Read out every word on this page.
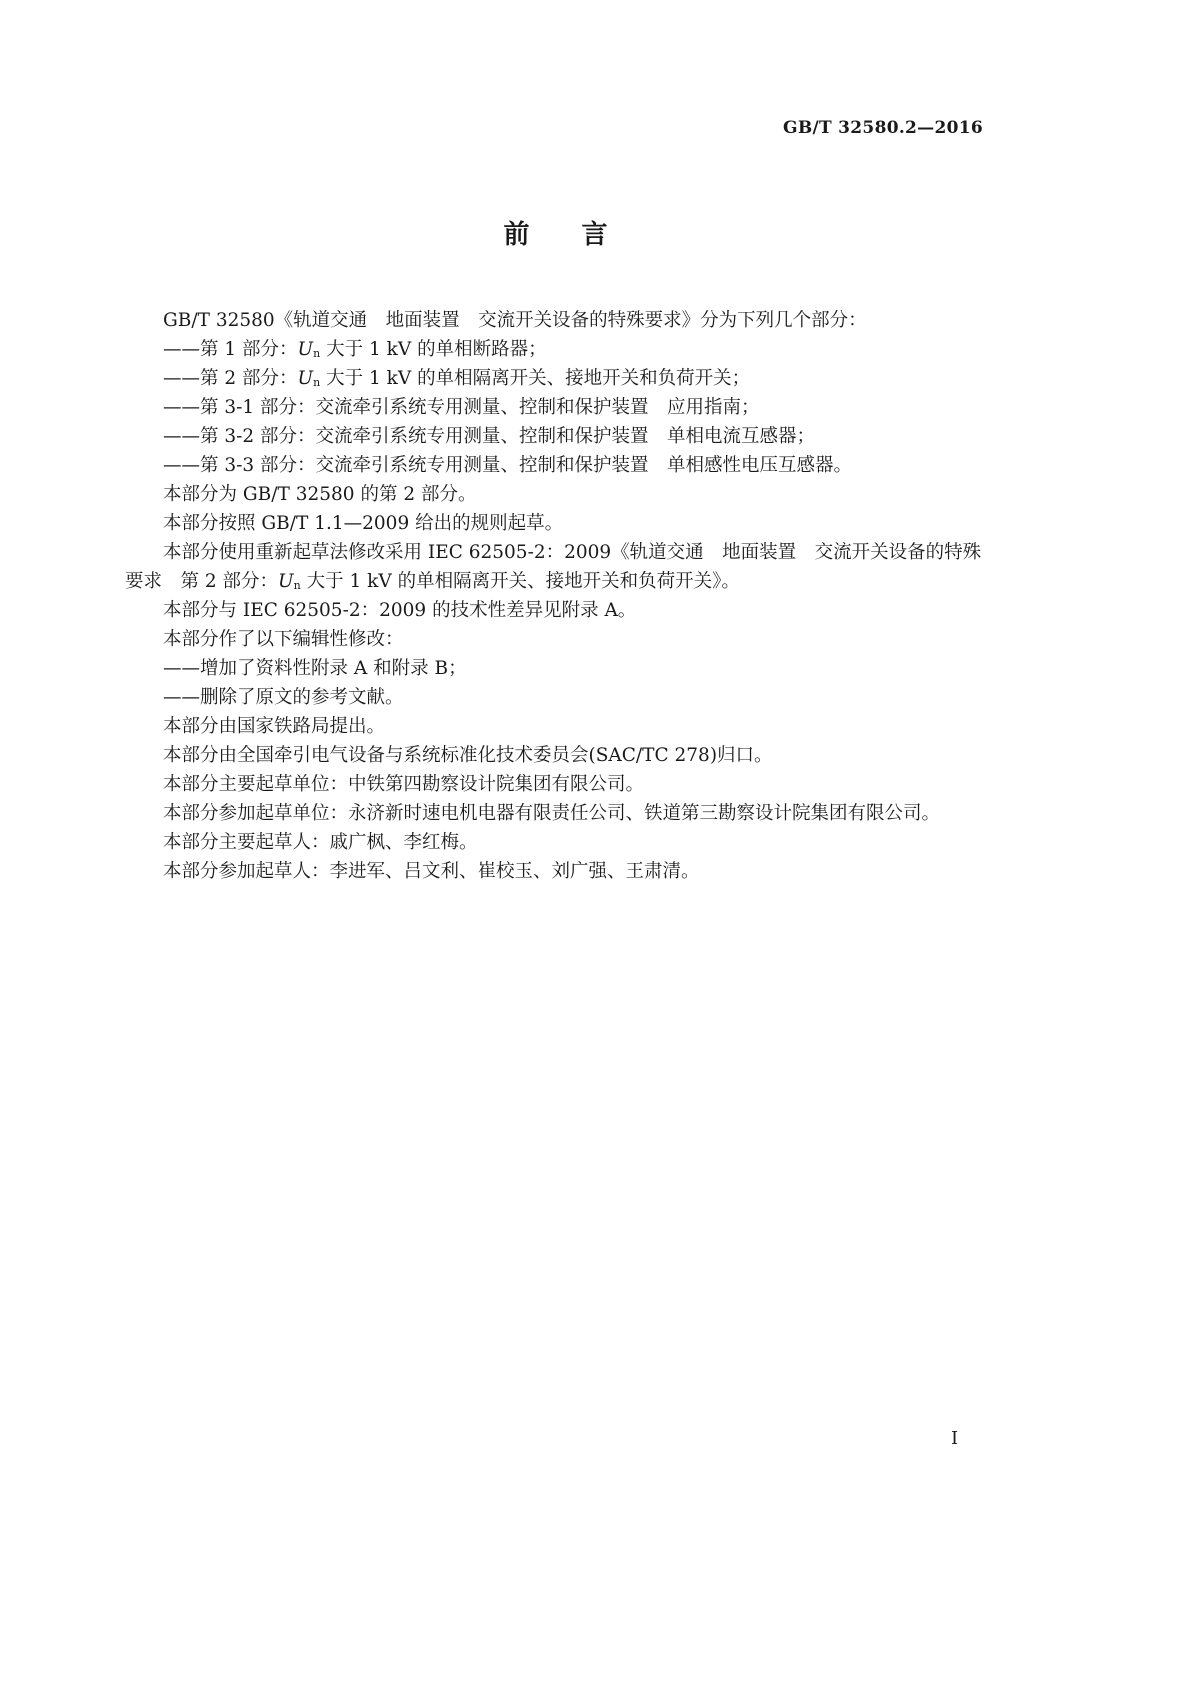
GB/T 32580.2—2016
前 言
GB/T 32580《轨道交通　地面装置　交流开关设备的特殊要求》分为下列几个部分：
——第 1 部分：$U_n$ 大于 1 kV 的单相断路器；
——第 2 部分：$U_n$ 大于 1 kV 的单相隔离开关、接地开关和负荷开关；
——第 3-1 部分：交流牵引系统专用测量、控制和保护装置　应用指南；
——第 3-2 部分：交流牵引系统专用测量、控制和保护装置　单相电流互感器；
——第 3-3 部分：交流牵引系统专用测量、控制和保护装置　单相感性电压互感器。
本部分为 GB/T 32580 的第 2 部分。
本部分按照 GB/T 1.1—2009 给出的规则起草。
本部分使用重新起草法修改采用 IEC 62505-2：2009《轨道交通　地面装置　交流开关设备的特殊
要求　第 2 部分：$U_n$ 大于 1 kV 的单相隔离开关、接地开关和负荷开关》。
本部分与 IEC 62505-2：2009 的技术性差异见附录 A。
本部分作了以下编辑性修改：
——增加了资料性附录 A 和附录 B；
——删除了原文的参考文献。
本部分由国家铁路局提出。
本部分由全国牵引电气设备与系统标准化技术委员会(SAC/TC 278)归口。
本部分主要起草单位：中铁第四勘察设计院集团有限公司。
本部分参加起草单位：永济新时速电机电器有限责任公司、铁道第三勘察设计院集团有限公司。
本部分主要起草人：戚广枫、李红梅。
本部分参加起草人：李进军、吕文利、崔校玉、刘广强、王肃清。
I
